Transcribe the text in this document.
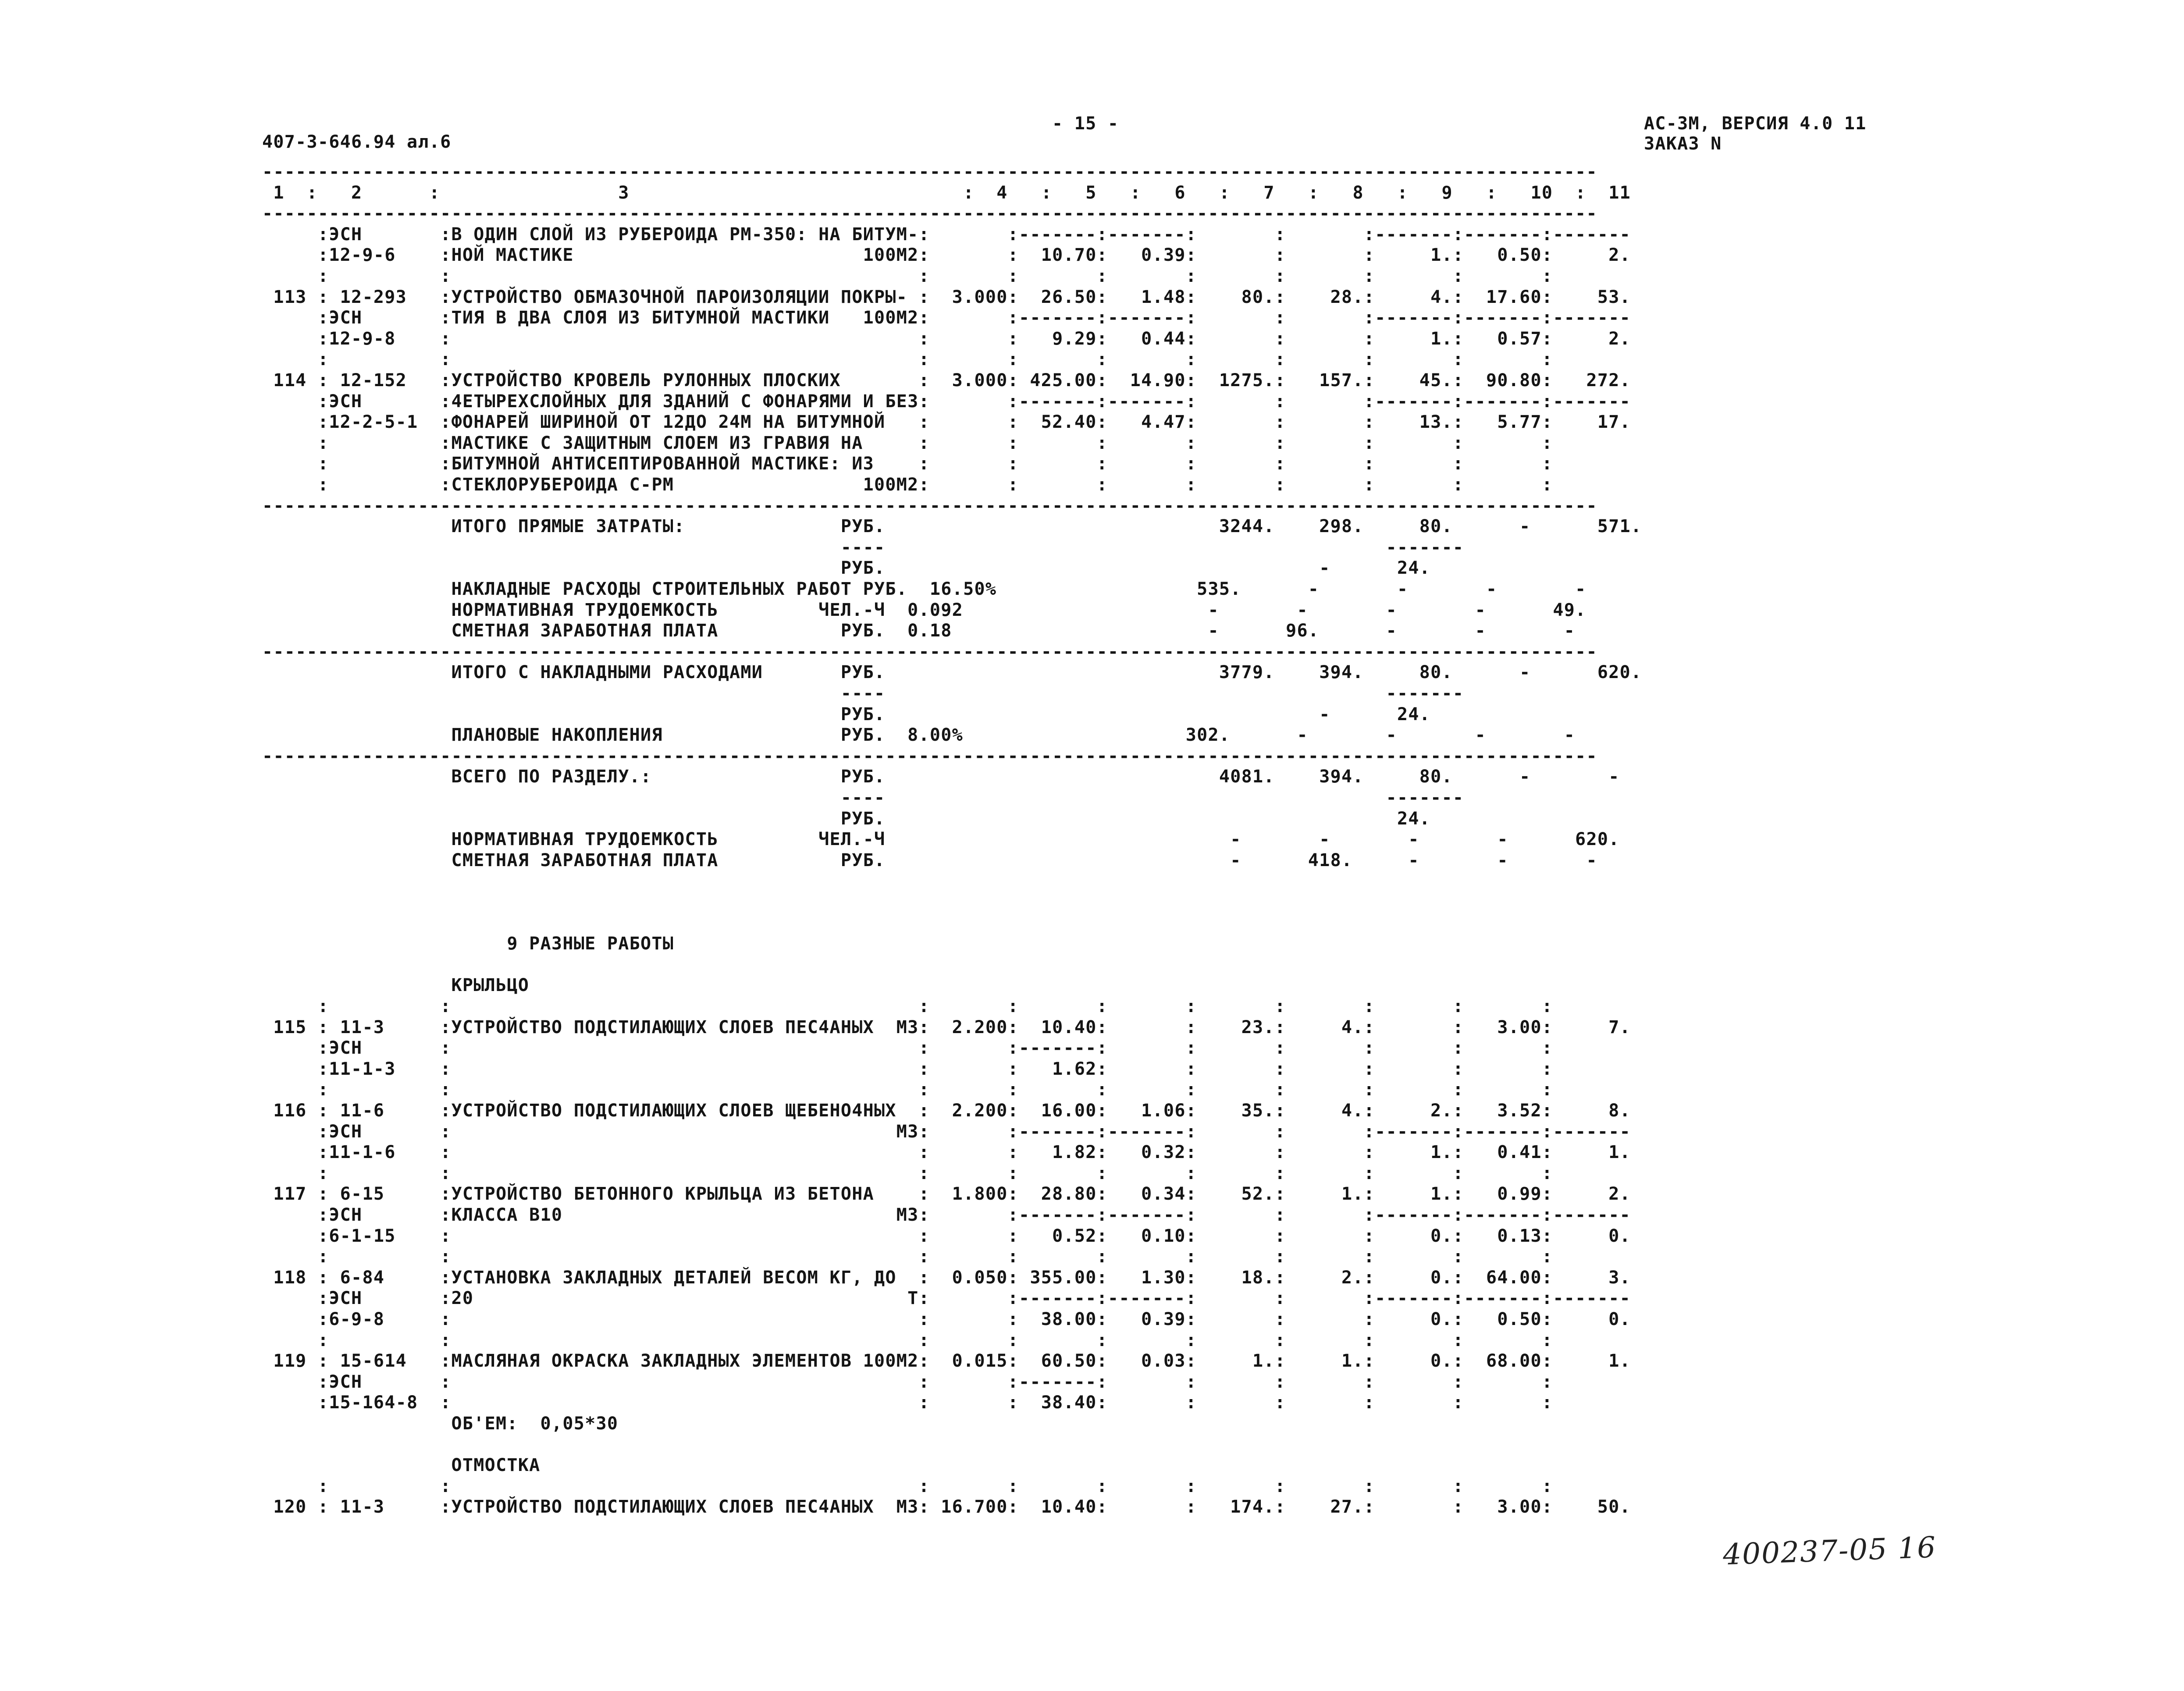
407-3-646.94 ал.6
- 15 -	АС-3М, ВЕРСИЯ 4.0 11
ЗАКАЗ N
------------------------------------------------------------------------------------------------------------------------
1  :   2      :                3                              :  4   :   5   :   6   :   7   :   8   :   9   :   10  :  11
------------------------------------------------------------------------------------------------------------------------
:ЭСН       :В ОДИН СЛОЙ ИЗ РУБЕРОИДА РМ-350: НА БИТУМ-:       :-------:-------:       :       :-------:-------:-------
:12-9-6    :НОЙ МАСТИКЕ                          100М2:       :  10.70:   0.39:       :       :     1.:   0.50:     2.
:          :                                          :       :       :       :       :       :       :       :
113 : 12-293   :УСТРОЙСТВО ОБМАЗОЧНОЙ ПАРОИЗОЛЯЦИИ ПОКРЫ- :  3.000:  26.50:   1.48:    80.:    28.:     4.:  17.60:    53.
:ЭСН       :ТИЯ В ДВА СЛОЯ ИЗ БИТУМНОЙ МАСТИКИ   100М2:       :-------:-------:       :       :-------:-------:-------
:12-9-8    :                                          :       :   9.29:   0.44:       :       :     1.:   0.57:     2.
:          :                                          :       :       :       :       :       :       :       :
114 : 12-152   :УСТРОЙСТВО КРОВЕЛЬ РУЛОННЫХ ПЛОСКИХ       :  3.000: 425.00:  14.90:  1275.:   157.:    45.:  90.80:   272.
:ЭСН       :4ЕТЫРЕХСЛОЙНЫХ ДЛЯ ЗДАНИЙ С ФОНАРЯМИ И БЕЗ:       :-------:-------:       :       :-------:-------:-------
:12-2-5-1  :ФОНАРЕЙ ШИРИНОЙ ОТ 12ДО 24М НА БИТУМНОЙ   :       :  52.40:   4.47:       :       :    13.:   5.77:    17.
:          :МАСТИКЕ С ЗАЩИТНЫМ СЛОЕМ ИЗ ГРАВИЯ НА     :       :       :       :       :       :       :       :
:          :БИТУМНОЙ АНТИСЕПТИРОВАННОЙ МАСТИКЕ: ИЗ    :       :       :       :       :       :       :       :
:          :СТЕКЛОРУБЕРОИДА С-РМ                 100М2:       :       :       :       :       :       :       :
------------------------------------------------------------------------------------------------------------------------
ИТОГО ПРЯМЫЕ ЗАТРАТЫ:              РУБ.                              3244.    298.     80.      -      571.
----                                             -------
РУБ.                                       -      24.
НАКЛАДНЫЕ РАСХОДЫ СТРОИТЕЛЬНЫХ РАБОТ РУБ.  16.50%                  535.      -       -       -       -
НОРМАТИВНАЯ ТРУДОЕМКОСТЬ         ЧЕЛ.-Ч  0.092                      -       -       -       -      49.
СМЕТНАЯ ЗАРАБОТНАЯ ПЛАТА           РУБ.  0.18                       -      96.      -       -       -
------------------------------------------------------------------------------------------------------------------------
ИТОГО С НАКЛАДНЫМИ РАСХОДАМИ       РУБ.                              3779.    394.     80.      -      620.
----                                             -------
РУБ.                                       -      24.
ПЛАНОВЫЕ НАКОПЛЕНИЯ                РУБ.  8.00%                    302.      -       -       -       -
------------------------------------------------------------------------------------------------------------------------
ВСЕГО ПО РАЗДЕЛУ.:                 РУБ.                              4081.    394.     80.      -       -
----                                             -------
РУБ.                                              24.
НОРМАТИВНАЯ ТРУДОЕМКОСТЬ         ЧЕЛ.-Ч                               -       -       -       -      620.
СМЕТНАЯ ЗАРАБОТНАЯ ПЛАТА           РУБ.                               -      418.     -       -       -
9 РАЗНЫЕ РАБОТЫ
КРЫЛЬЦО
:          :                                          :       :       :       :       :       :       :       :
115 : 11-3     :УСТРОЙСТВО ПОДСТИЛАЮЩИХ СЛОЕВ ПЕС4АНЫХ  М3:  2.200:  10.40:       :    23.:     4.:       :   3.00:     7.
:ЭСН       :                                          :       :-------:       :       :       :       :       :
:11-1-3    :                                          :       :   1.62:       :       :       :       :       :
:          :                                          :       :       :       :       :       :       :       :
116 : 11-6     :УСТРОЙСТВО ПОДСТИЛАЮЩИХ СЛОЕВ ЩЕБЕНО4НЫХ  :  2.200:  16.00:   1.06:    35.:     4.:     2.:   3.52:     8.
:ЭСН       :                                        М3:       :-------:-------:       :       :-------:-------:-------
:11-1-6    :                                          :       :   1.82:   0.32:       :       :     1.:   0.41:     1.
:          :                                          :       :       :       :       :       :       :       :
117 : 6-15     :УСТРОЙСТВО БЕТОННОГО КРЫЛЬЦА ИЗ БЕТОНА    :  1.800:  28.80:   0.34:    52.:     1.:     1.:   0.99:     2.
:ЭСН       :КЛАССА В10                              М3:       :-------:-------:       :       :-------:-------:-------
:6-1-15    :                                          :       :   0.52:   0.10:       :       :     0.:   0.13:     0.
:          :                                          :       :       :       :       :       :       :       :
118 : 6-84     :УСТАНОВКА ЗАКЛАДНЫХ ДЕТАЛЕЙ ВЕСОМ КГ, ДО  :  0.050: 355.00:   1.30:    18.:     2.:     0.:  64.00:     3.
:ЭСН       :20                                       Т:       :-------:-------:       :       :-------:-------:-------
:6-9-8     :                                          :       :  38.00:   0.39:       :       :     0.:   0.50:     0.
:          :                                          :       :       :       :       :       :       :       :
119 : 15-614   :МАСЛЯНАЯ ОКРАСКА ЗАКЛАДНЫХ ЭЛЕМЕНТОВ 100М2:  0.015:  60.50:   0.03:     1.:     1.:     0.:  68.00:     1.
:ЭСН       :                                          :       :-------:       :       :       :       :       :
:15-164-8  :                                          :       :  38.40:       :       :       :       :       :
ОБ'ЕМ:  0,05*30
ОТМОСТКА
:          :                                          :       :       :       :       :       :       :       :
120 : 11-3     :УСТРОЙСТВО ПОДСТИЛАЮЩИХ СЛОЕВ ПЕС4АНЫХ  М3: 16.700:  10.40:       :   174.:    27.:       :   3.00:    50.
400237-05 16
